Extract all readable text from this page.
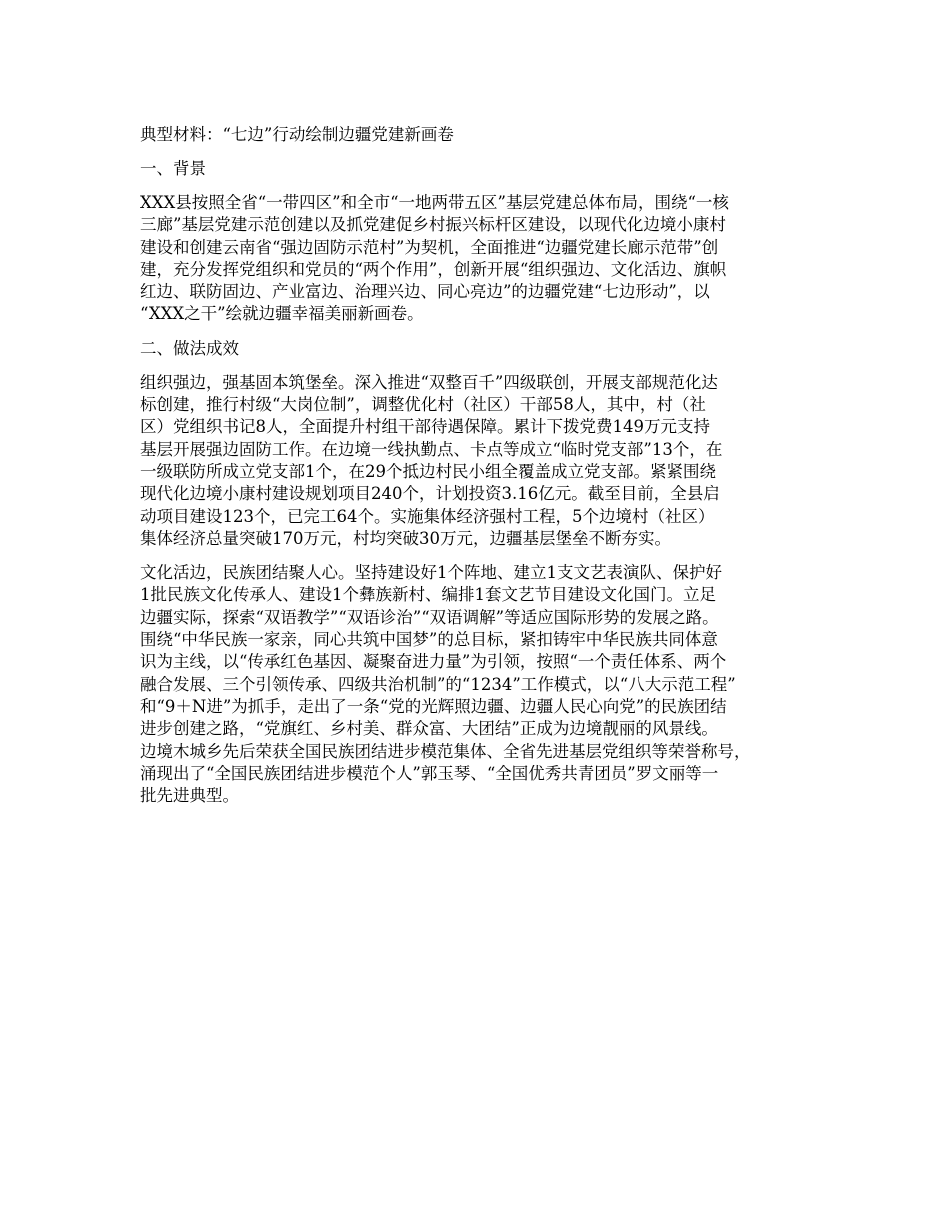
典型材料：“七边”行动绘制边疆党建新画卷
一、背景
XXX县按照全省“一带四区”和全市“一地两带五区”基层党建总体布局，围绕“一核
三廊”基层党建示范创建以及抓党建促乡村振兴标杆区建设，以现代化边境小康村
建设和创建云南省“强边固防示范村”为契机，全面推进“边疆党建长廊示范带”创
建，充分发挥党组织和党员的“两个作用”，创新开展“组织强边、文化活边、旗帜
红边、联防固边、产业富边、治理兴边、同心亮边”的边疆党建“七边形动”，以
“XXX之干”绘就边疆幸福美丽新画卷。
二、做法成效
组织强边，强基固本筑堡垒。深入推进“双整百千”四级联创，开展支部规范化达
标创建，推行村级“大岗位制”，调整优化村（社区）干部58人，其中，村（社
区）党组织书记8人，全面提升村组干部待遇保障。累计下拨党费149万元支持
基层开展强边固防工作。在边境一线执勤点、卡点等成立“临时党支部”13个，在
一级联防所成立党支部1个，在29个抵边村民小组全覆盖成立党支部。紧紧围绕
现代化边境小康村建设规划项目240个，计划投资3.16亿元。截至目前，全县启
动项目建设123个，已完工64个。实施集体经济强村工程，5个边境村（社区）
集体经济总量突破170万元，村均突破30万元，边疆基层堡垒不断夯实。
文化活边，民族团结聚人心。坚持建设好1个阵地、建立1支文艺表演队、保护好
1批民族文化传承人、建设1个彝族新村、编排1套文艺节目建设文化国门。立足
边疆实际，探索“双语教学”“双语诊治”“双语调解”等适应国际形势的发展之路。
围绕“中华民族一家亲，同心共筑中国梦”的总目标，紧扣铸牢中华民族共同体意
识为主线，以“传承红色基因、凝聚奋进力量”为引领，按照“一个责任体系、两个
融合发展、三个引领传承、四级共治机制”的“1234”工作模式，以“八大示范工程”
和“9＋N进”为抓手，走出了一条“党的光辉照边疆、边疆人民心向党”的民族团结
进步创建之路，“党旗红、乡村美、群众富、大团结”正成为边境靓丽的风景线。
边境木城乡先后荣获全国民族团结进步模范集体、全省先进基层党组织等荣誉称号，
涌现出了“全国民族团结进步模范个人”郭玉琴、“全国优秀共青团员”罗文丽等一
批先进典型。
